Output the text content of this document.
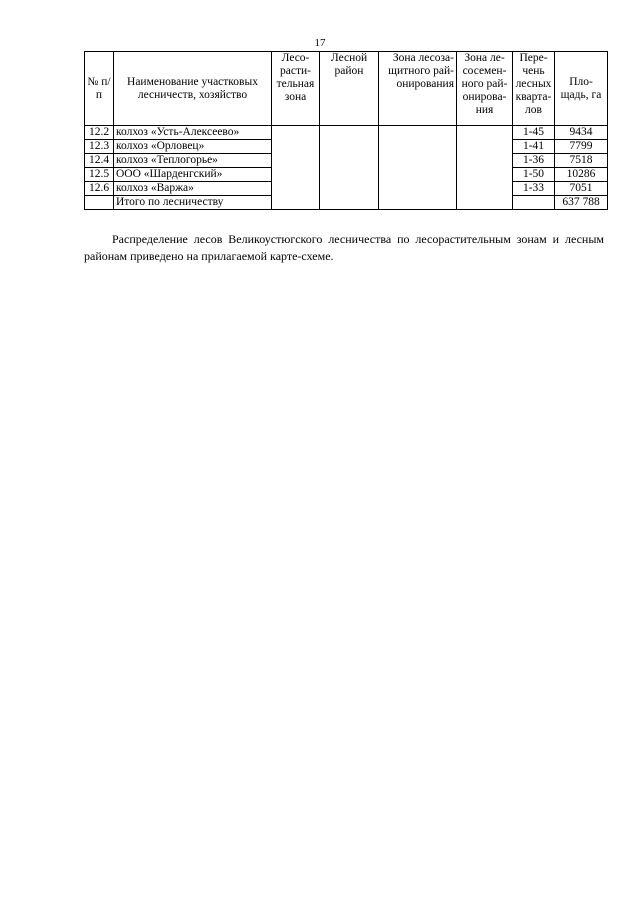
17
№ п/п	Наименование участковых лесничеств, хозяйство	Лесо-расти-тельная зона	Лесной район	Зона лесоза-щитного рай-онирования	Зона ле-сосемен-ного рай-онирова-ния	Пере-чень лесных кварта-лов	Пло-щадь, га
12.2	колхоз «Усть-Алексеево»					1-45	9434
12.3	колхоз «Орловец»					1-41	7799
12.4	колхоз «Теплогорье»					1-36	7518
12.5	ООО «Шарденгский»					1-50	10286
12.6	колхоз «Варжа»					1-33	7051
	Итого по лесничеству						637 788

Распределение лесов Великоустюгского лесничества по лесорастительным зонам и лесным районам приведено на прилагаемой карте-схеме.
